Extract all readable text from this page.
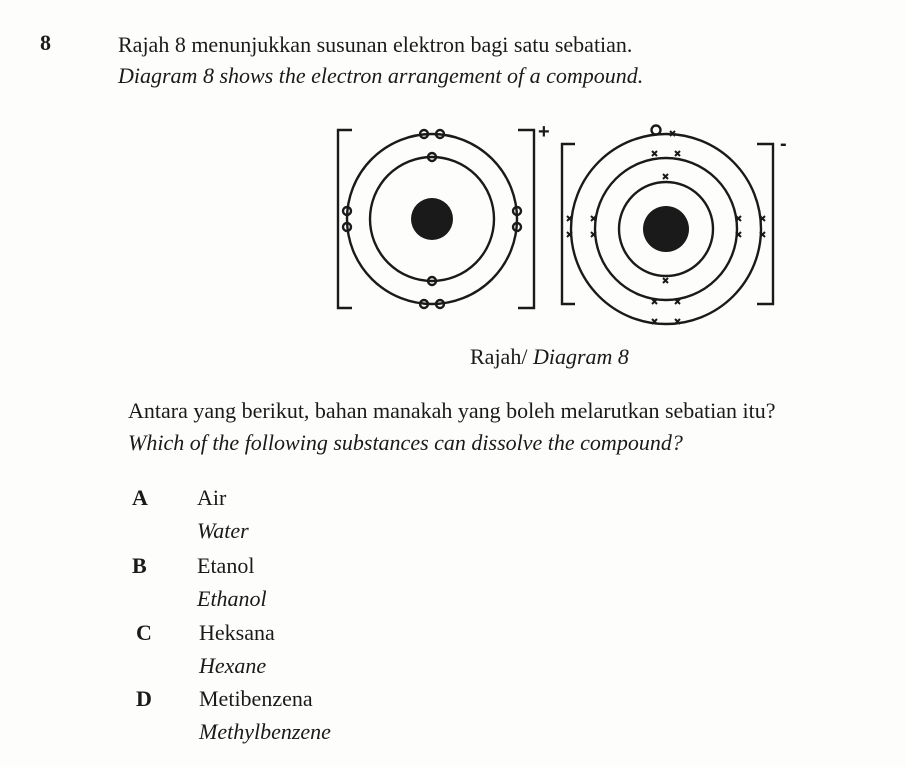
8	Rajah 8 menunjukkan susunan elektron bagi satu sebatian.
Diagram 8 shows the electron arrangement of a compound.
+
-
Rajah/ Diagram 8
Antara yang berikut, bahan manakah yang boleh melarutkan sebatian itu?
Which of the following substances can dissolve the compound?
A Air
Water
B Etanol
Ethanol
C Heksana
Hexane
D Metibenzena
Methylbenzene
